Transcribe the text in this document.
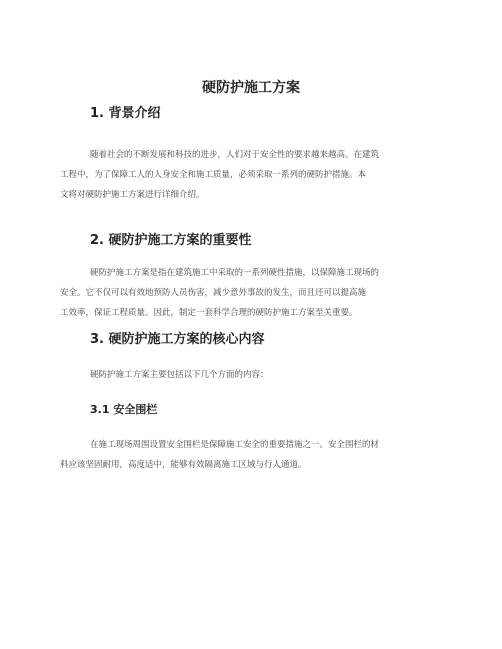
硬防护施工方案
1. 背景介绍
随着社会的不断发展和科技的进步，人们对于安全性的要求越来越高。在建筑
工程中，为了保障工人的人身安全和施工质量，必须采取一系列的硬防护措施。本
文将对硬防护施工方案进行详细介绍。
2. 硬防护施工方案的重要性
硬防护施工方案是指在建筑施工中采取的一系列硬性措施，以保障施工现场的
安全。它不仅可以有效地预防人员伤害，减少意外事故的发生，而且还可以提高施
工效率，保证工程质量。因此，制定一套科学合理的硬防护施工方案至关重要。
3. 硬防护施工方案的核心内容
硬防护施工方案主要包括以下几个方面的内容：
3.1 安全围栏
在施工现场周围设置安全围栏是保障施工安全的重要措施之一。安全围栏的材
料应该坚固耐用，高度适中，能够有效隔离施工区域与行人通道。
